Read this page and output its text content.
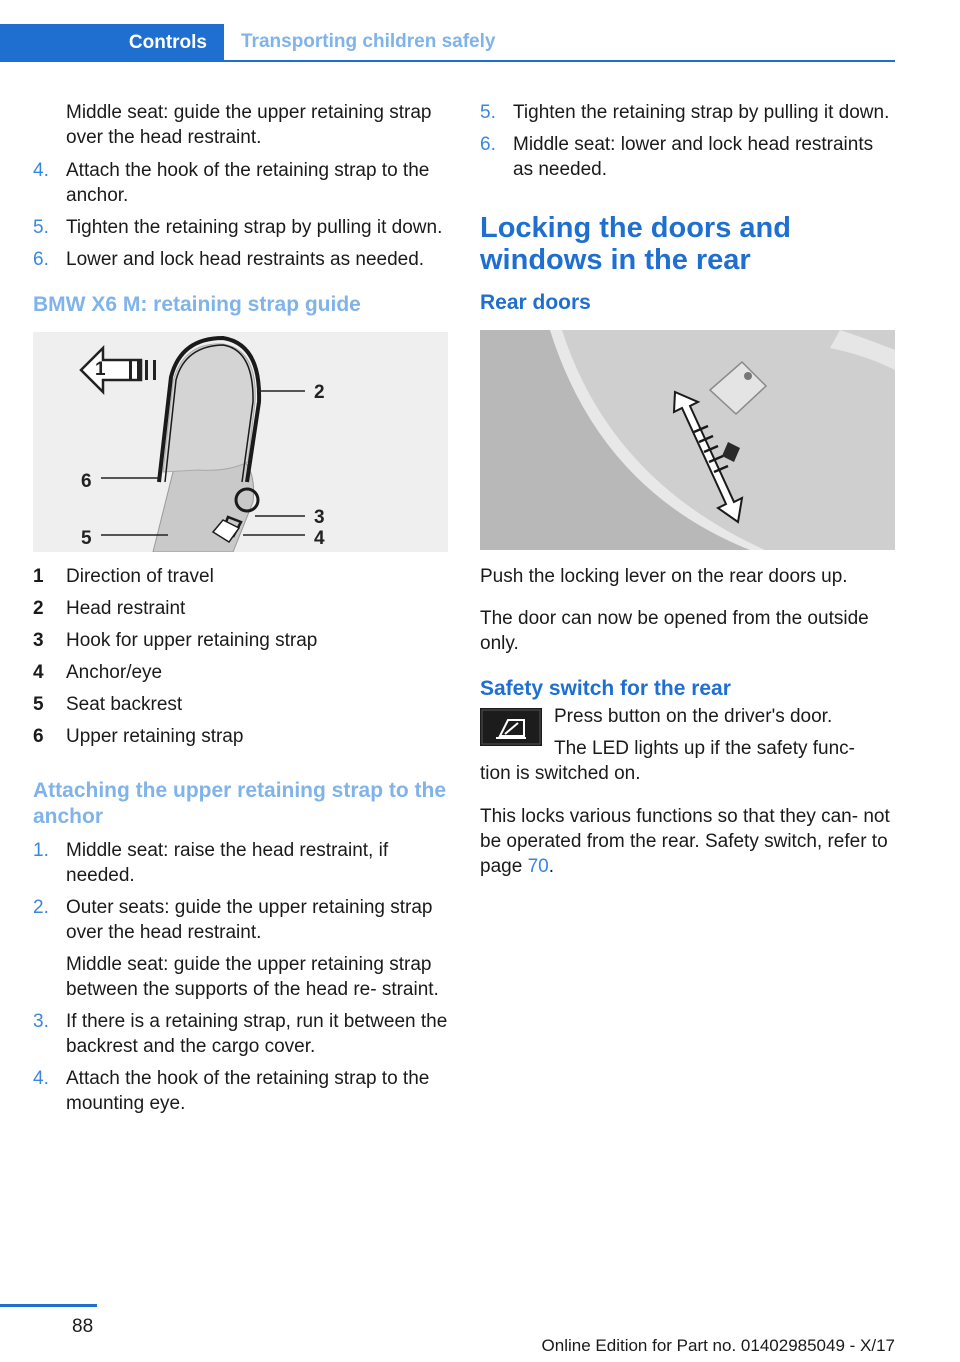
Controls	Transporting children safely

Middle seat: guide the upper retaining strap over the head restraint.

4. Attach the hook of the retaining strap to the anchor.
5. Tighten the retaining strap by pulling it down.
6. Lower and lock head restraints as needed.
BMW X6 M: retaining strap guide
1
2
3
4
5
6
1 Direction of travel
2 Head restraint
3 Hook for upper retaining strap
4 Anchor/eye
5 Seat backrest
6 Upper retaining strap
Attaching the upper retaining strap to the anchor
1. Middle seat: raise the head restraint, if needed.
2. Outer seats: guide the upper retaining strap over the head restraint.
Middle seat: guide the upper retaining strap between the supports of the head re‐ straint.
3. If there is a retaining strap, run it between the backrest and the cargo cover.
4. Attach the hook of the retaining strap to the mounting eye.
5. Tighten the retaining strap by pulling it down.
6. Middle seat: lower and lock head restraints as needed.
Locking the doors and windows in the rear
Rear doors

Push the locking lever on the rear doors up.

The door can now be opened from the outside only.

Safety switch for the rear

Press button on the driver's door.

The LED lights up if the safety func‐

tion is switched on.

This locks various functions so that they can‐ not be operated from the rear. Safety switch, refer to page 70.

88
Online Edition for Part no. 01402985049 - X/17
